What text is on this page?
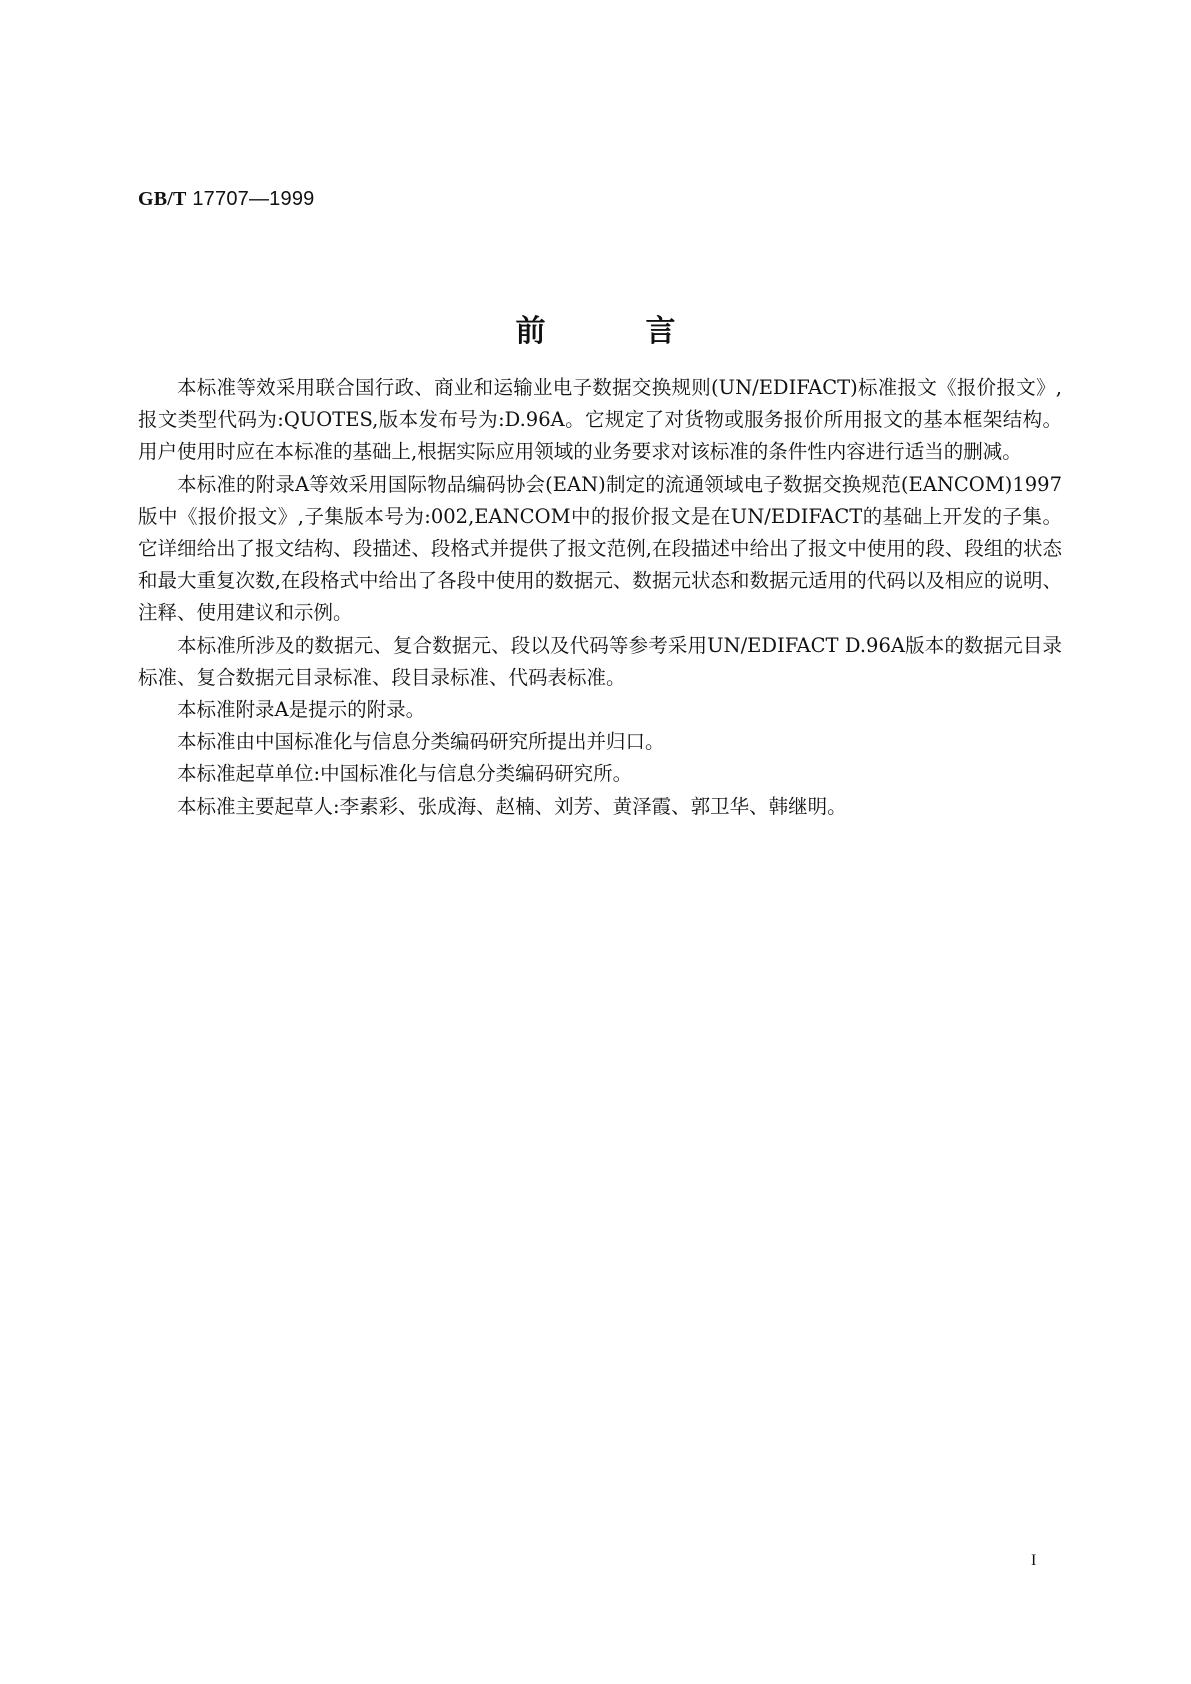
GB/T 17707—1999
前言

本标准等效采用联合国行政、商业和运输业电子数据交换规则(UN/EDIFACT)标准报文《报价报文》,报文类型代码为:QUOTES,版本发布号为:D.96A。它规定了对货物或服务报价所用报文的基本框架结构。用户使用时应在本标准的基础上,根据实际应用领域的业务要求对该标准的条件性内容进行适当的删减。

本标准的附录A等效采用国际物品编码协会(EAN)制定的流通领域电子数据交换规范(EANCOM)1997版中《报价报文》,子集版本号为:002,EANCOM中的报价报文是在UN/EDIFACT的基础上开发的子集。它详细给出了报文结构、段描述、段格式并提供了报文范例,在段描述中给出了报文中使用的段、段组的状态和最大重复次数,在段格式中给出了各段中使用的数据元、数据元状态和数据元适用的代码以及相应的说明、注释、使用建议和示例。

本标准所涉及的数据元、复合数据元、段以及代码等参考采用UN/EDIFACT D.96A版本的数据元目录标准、复合数据元目录标准、段目录标准、代码表标准。

本标准附录A是提示的附录。

本标准由中国标准化与信息分类编码研究所提出并归口。

本标准起草单位:中国标准化与信息分类编码研究所。

本标准主要起草人:李素彩、张成海、赵楠、刘芳、黄泽霞、郭卫华、韩继明。

I
